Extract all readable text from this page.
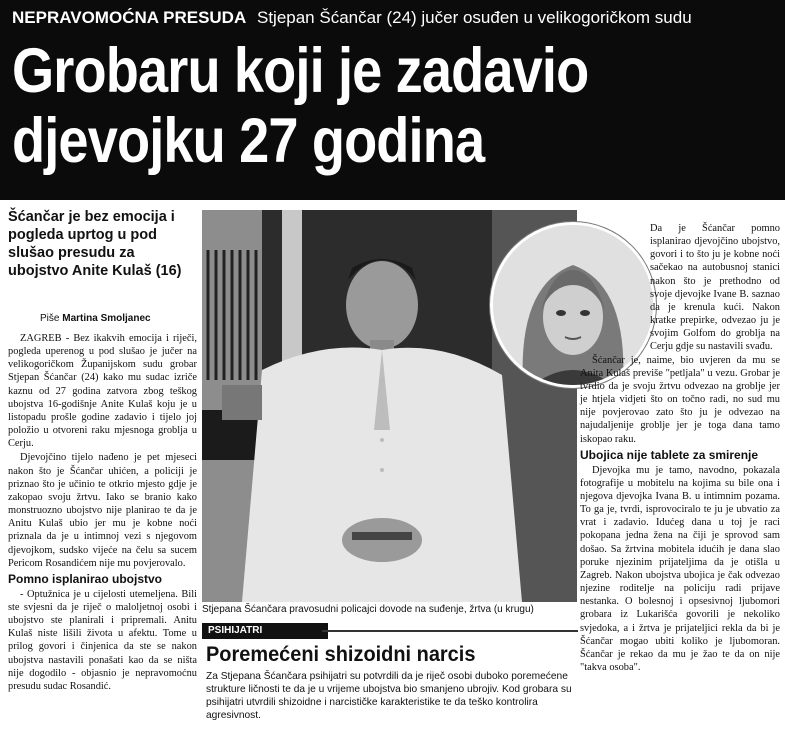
NEPRAVOMOĆNA PRESUDA Stjepan Šćančar (24) jučer osuđen u velikogoričkom sudu
Grobaru koji je zadavio
djevojku 27 godina
Šćančar je bez emocija i pogleda uprtog u pod slušao presudu za ubojstvo Anite Kulaš (16)
Piše Martina Smoljanec

ZAGREB - Bez ikakvih emocija i riječi, pogleda uperenog u pod slušao je jučer na velikogoričkom Županijskom sudu grobar Stjepan Šćančar (24) kako mu sudac izriče kaznu od 27 godina zatvora zbog teškog ubojstva 16-godišnje Anite Kulaš koju je u listopadu prošle godine zadavio i tijelo joj položio u otvoreni raku mjesnoga groblja u Cerju.

Djevojčino tijelo nađeno je pet mjeseci nakon što je Šćančar uhićen, a policiji je priznao što je učinio te otkrio mjesto gdje je zakopao svoju žrtvu. Iako se branio kako monstruozno ubojstvo nije planirao te da je Anitu Kulaš ubio jer mu je kobne noći priznala da je u intimnoj vezi s njegovom djevojkom, sudsko vijeće na čelu sa sucem Pericom Rosandićem nije mu povjerovalo.

Pomno isplanirao ubojstvo

- Optužnica je u cijelosti utemeljena. Bili ste svjesni da je riječ o maloljetnoj osobi i ubojstvo ste planirali i pripremali. Anitu Kulaš niste lišili života u afektu. Tome u prilog govori i činjenica da ste se nakon ubojstva nastavili ponašati kao da se ništa nije dogodilo - objasnio je nepravomoćnu presudu sudac Rosandić.

Da je Šćančar pomno isplanirao djevojčino ubojstvo, govori i to što ju je kobne noći sačekao na autobusnoj stanici nakon što je prethodno od svoje djevojke Ivane B. saznao da je krenula kući. Nakon kratke prepirke, odvezao ju je svojim Golfom do groblja na Cerju gdje su nastavili svađu.

Šćančar je, naime, bio uvjeren da mu se Anita Kulaš previše "petljala" u vezu. Grobar je tvrdio da je svoju žrtvu odvezao na groblje jer je htjela vidjeti što on točno radi, no sud mu nije povjerovao zato što ju je odvezao na najudaljenije groblje jer je toga dana tamo iskopao raku.

Ubojica nije tablete za smirenje

Djevojka mu je tamo, navodno, pokazala fotografije u mobitelu na kojima su bile ona i njegova djevojka Ivana B. u intimnim pozama. To ga je, tvrdi, isprovociralo te ju je ubvatio za vrat i zadavio. Idućeg dana u toj je raci pokopana jedna žena na čiji je sprovod sam došao. Sa žrtvina mobitela idućih je dana slao poruke njezinim prijateljima da je otišla u Zagreb. Nakon ubojstva ubojica je čak odvezao njezine roditelje na policiju radi prijave nestanka. O bolesnoj i opsesivnoj ljubomori grobara iz Lukarišća govorili je nekoliko svjedoka, a i žrtva je prijateljici rekla da bi je Šćančar mogao ubiti koliko je ljubomoran. Šćančar je rekao da mu je žao te da on nije "takva osoba".

Stjepana Šćančara pravosudni policajci dovode na suđenje, žrtva (u krugu)
PSIHIJATRI
Poremećeni shizoidni narcis
Za Stjepana Šćančara psihijatri su potvrdili da je riječ osobi duboko poremećene strukture ličnosti te da je u vrijeme ubojstva bio smanjeno ubrojiv. Kod grobara su psihijatri utvrdili shizoidne i narcističke karakteristike te da teško kontrolira agresivnost.
